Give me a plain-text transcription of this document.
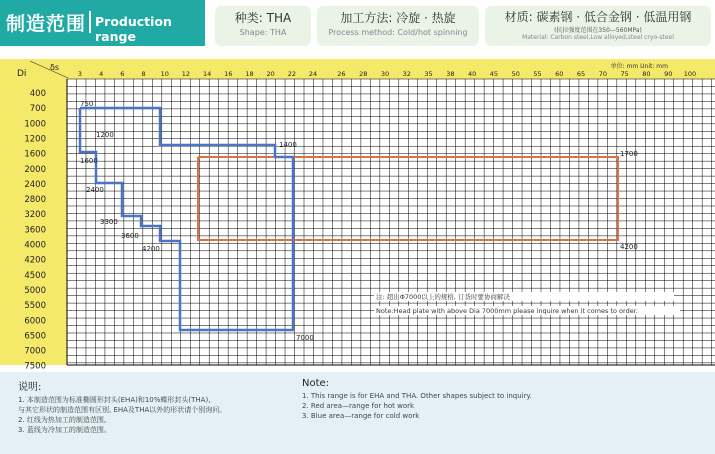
制造范围 Production range
种类: THA
Shape: THA
加工方法: 冷旋 · 热旋
Process method: Cold/hot spinning
材质: 碳素钢 · 低合金钢 · 低温用钢
(抗拉强度范围在350—560MPa)
Material: Carbon steel,Low alloyed,steel cryo-steel
单位: mm Unit: mm
Di
δs
3	4	6	8 10 12 14 16 18 20 22 24	26 28 30 32 35 38 40 45 50 55 60 65 70 75 80 90 100
400
700
1000
1200
1600
2000
2400
2800
3200
3600
4000
4200
4500
5000
5500
6000
6500
7000
7500
750
1200
1600
2400
3300
3600
4200
1400
7000
1700
4200
注: 超出Φ7000以上的规格, 订货时要协商解决
Note:Head plate with above Dia 7000mm please inquire when it comes to order.
说明:
1. 本制造范围为标准椭圆形封头(EHA)和10%蝶形封头(THA),
与其它形状的制造范围有区别, EHA及THA以外的形状请个别询问。
2. 红线为热加工的制造范围。
3. 蓝线为冷加工的制造范围。
Note:
1. This range is for EHA and THA. Other shapes subject to inquiry.
2. Red area—range for hot work
3. Blue area—range for cold work
